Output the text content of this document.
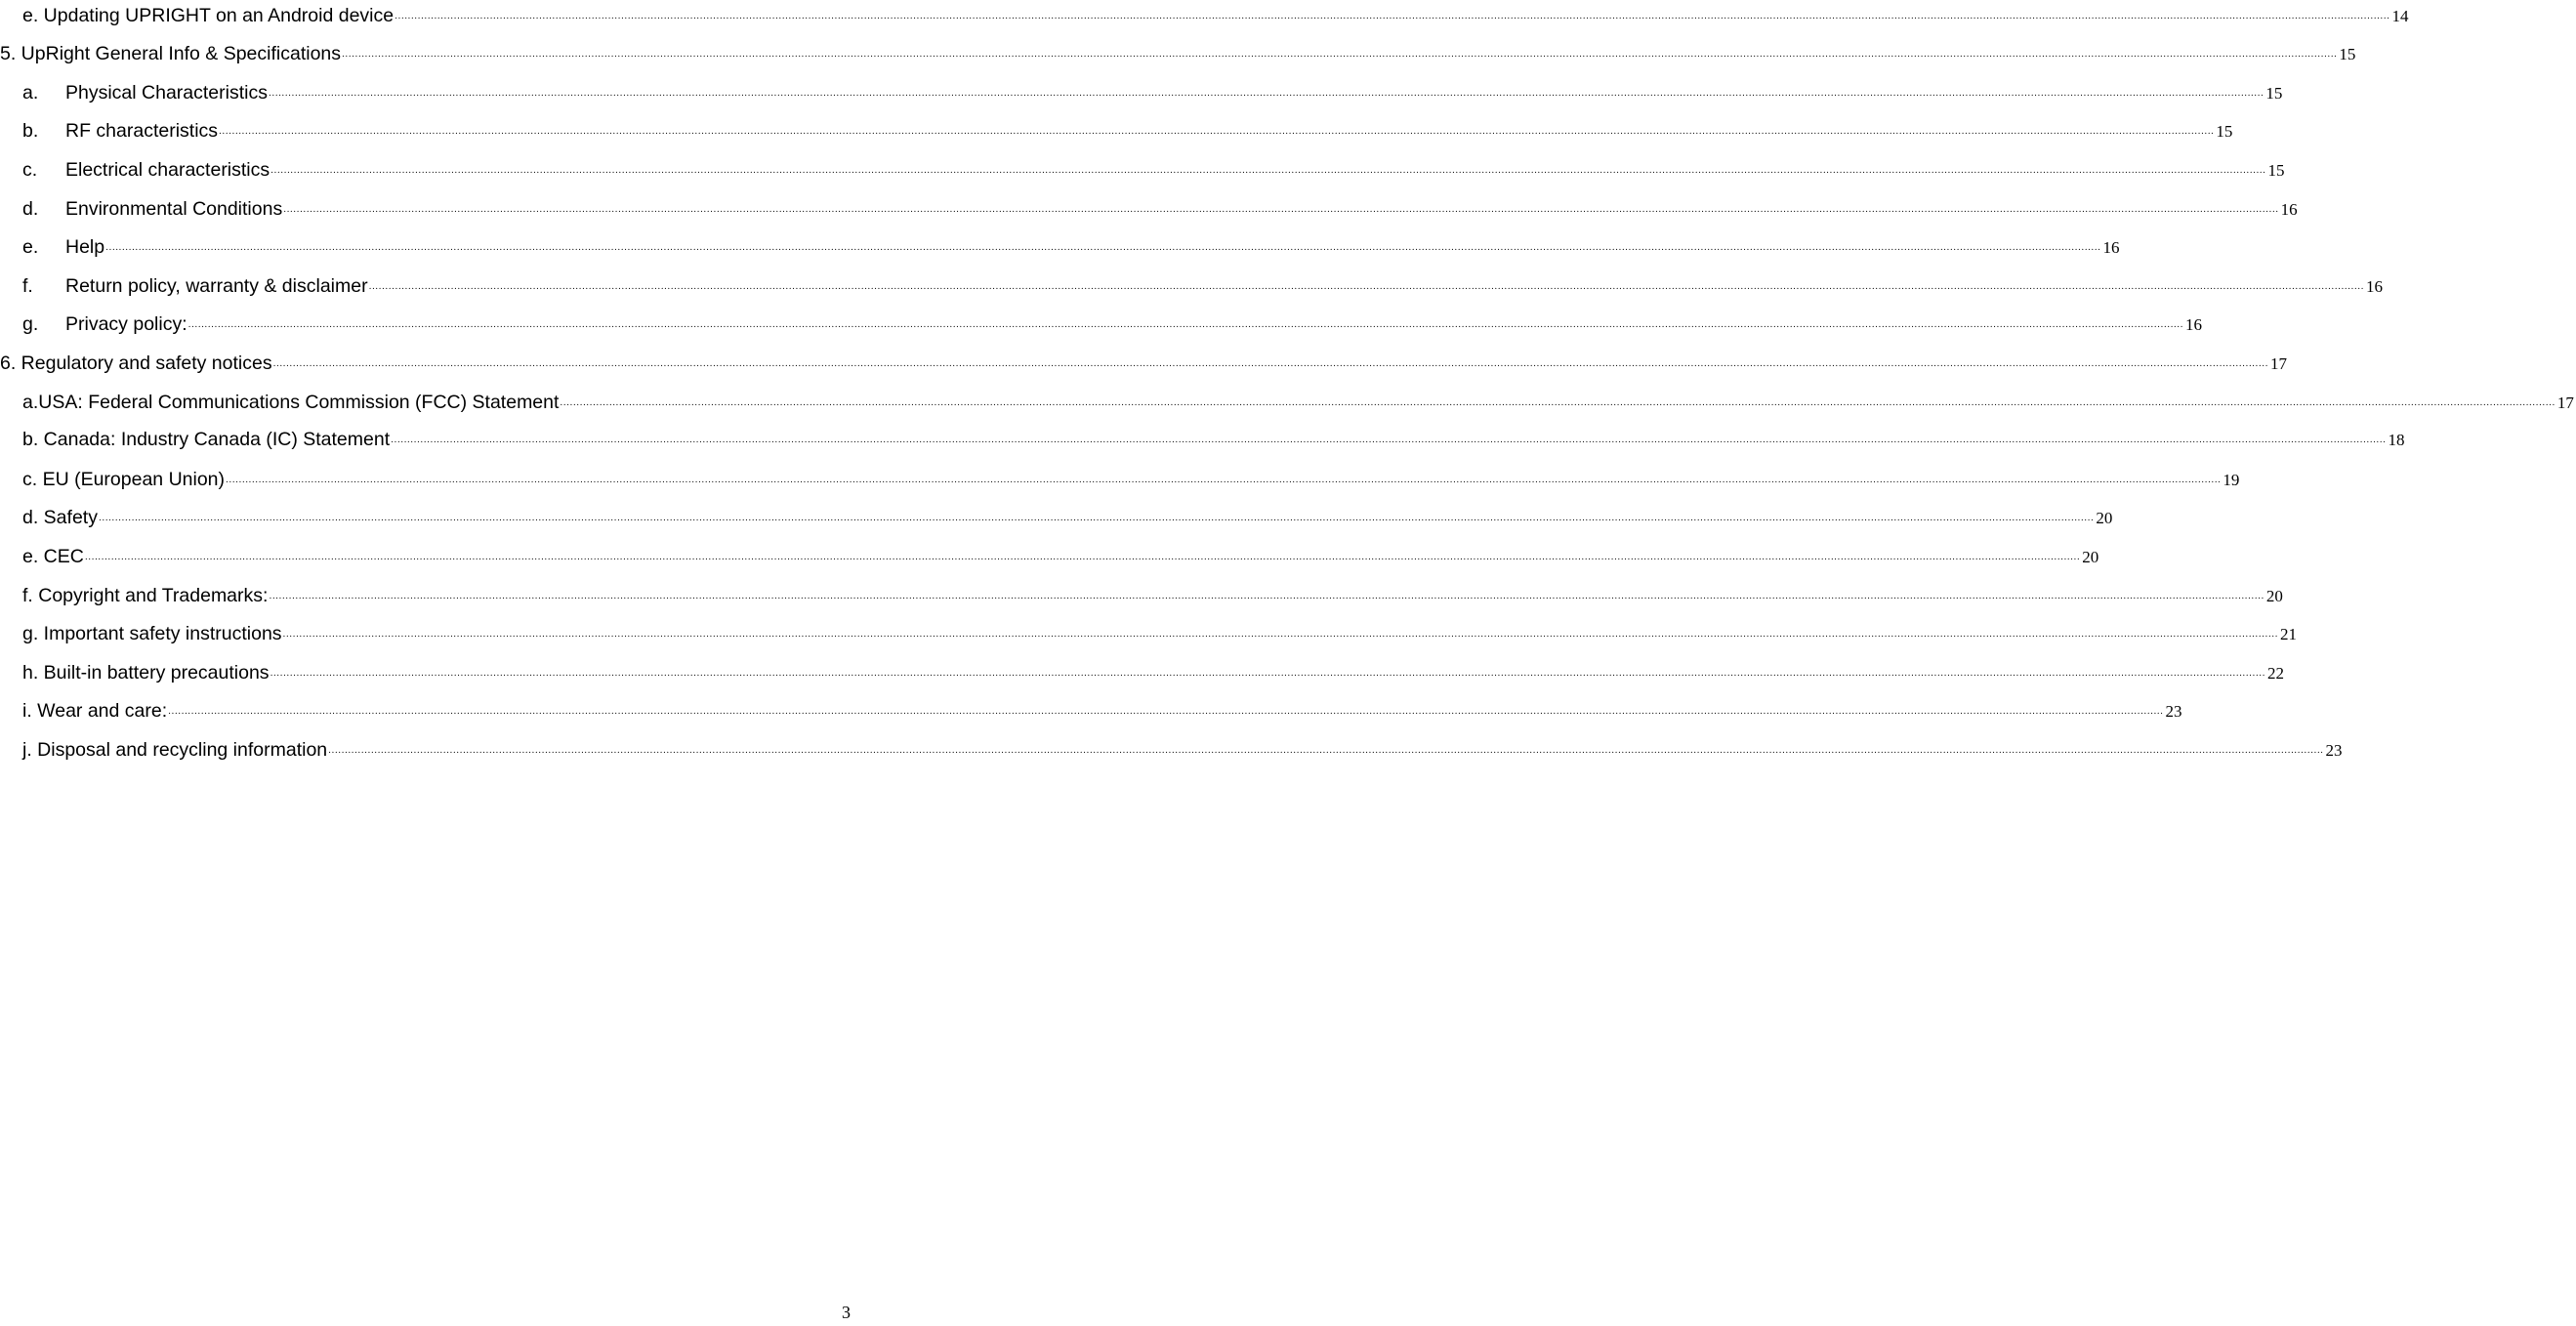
e. Updating UPRIGHT on an Android device .....	14
5. UpRight General Info & Specifications .....	15
a. Physical Characteristics .....	15
b. RF characteristics .....	15
c. Electrical characteristics .....	15
d. Environmental Conditions .....	16
e. Help .....	16
f. Return policy, warranty & disclaimer .....	16
g. Privacy policy: .....	16
6. Regulatory and safety notices .....	17
a.USA: Federal Communications Commission (FCC) Statement .....	17
b. Canada: Industry Canada (IC) Statement .....	18
c. EU (European Union) .....	19
d. Safety .....	20
e. CEC .....	20
f. Copyright and Trademarks: .....	20
g. Important safety instructions .....	21
h. Built-in battery precautions .....	22
i. Wear and care: .....	23
j. Disposal and recycling information .....	23
3
